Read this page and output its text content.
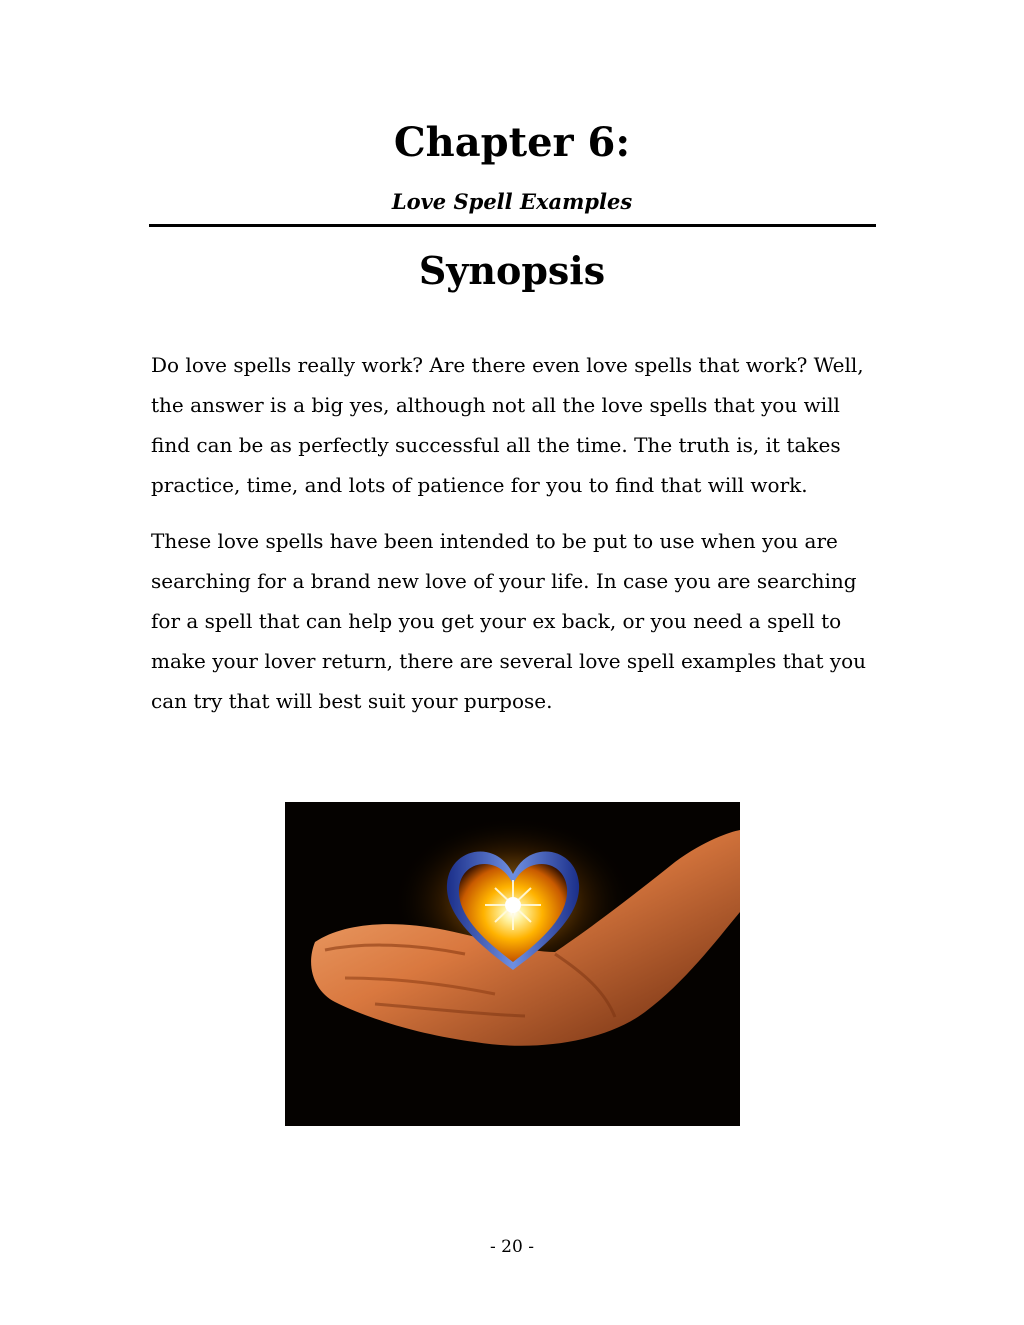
Chapter 6:
Love Spell Examples
Synopsis

Do love spells really work? Are there even love spells that work? Well, the answer is a big yes, although not all the love spells that you will find can be as perfectly successful all the time. The truth is, it takes practice, time, and lots of patience for you to find that will work.

These love spells have been intended to be put to use when you are searching for a brand new love of your life. In case you are searching for a spell that can help you get your ex back, or you need a spell to make your lover return, there are several love spell examples that you can try that will best suit your purpose.

- 20 -
